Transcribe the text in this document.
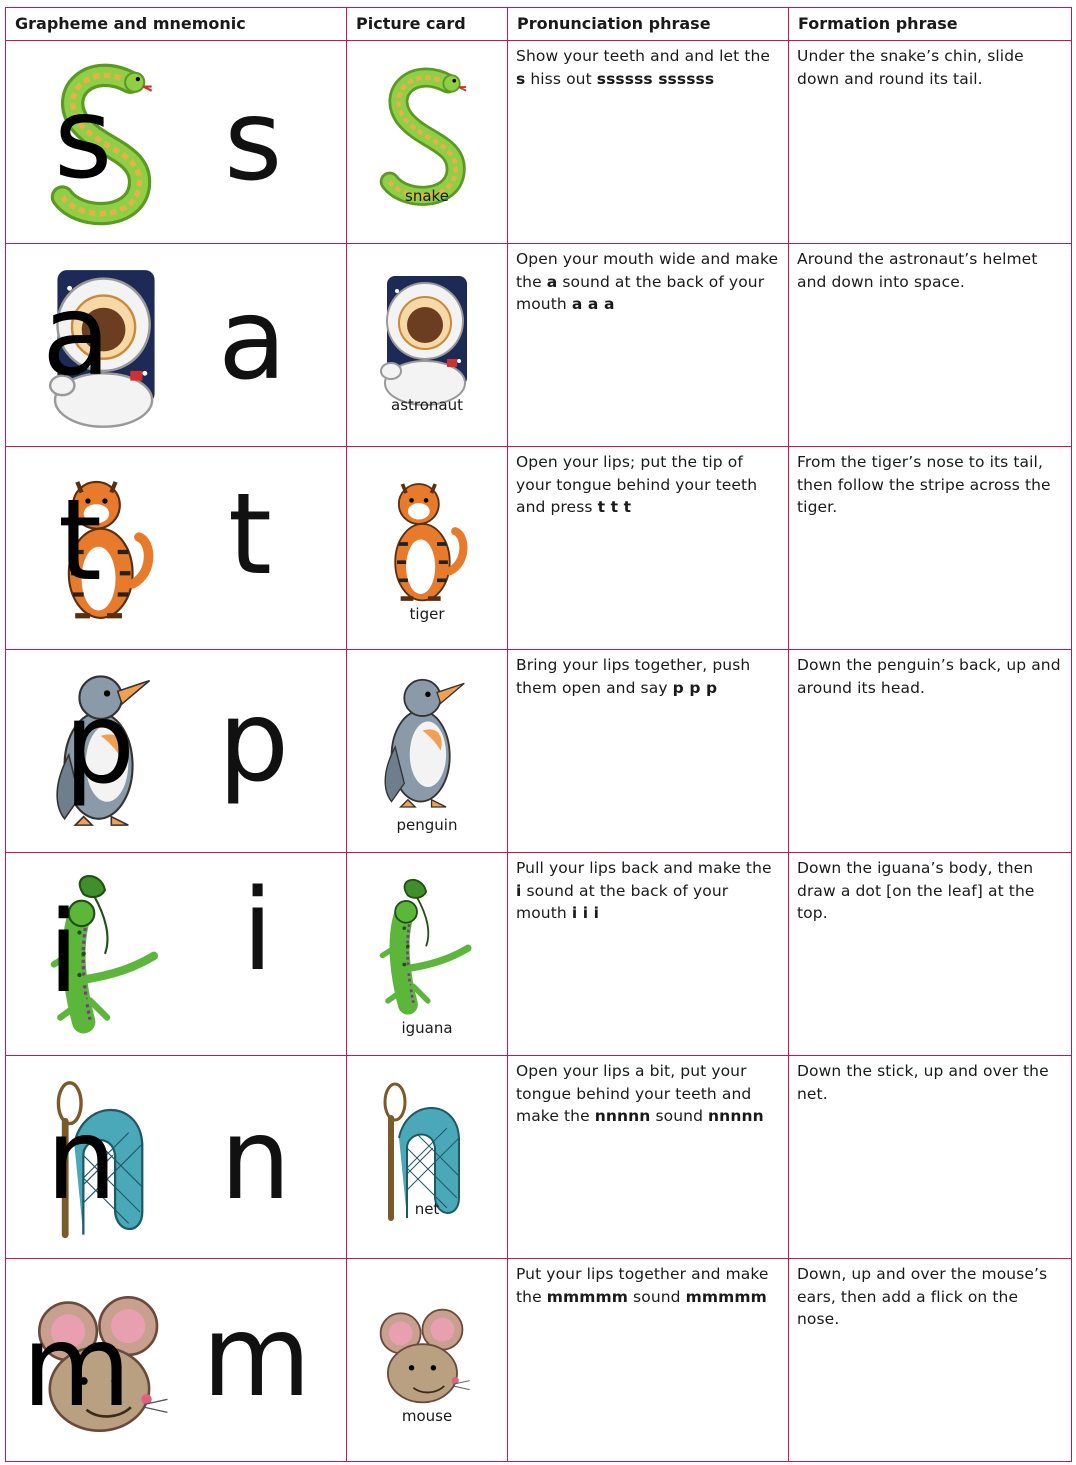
Grapheme and mnemonic	Picture card	Pronunciation phrase	Formation phrase

s s	snake	Show your teeth and and let the s hiss out ssssss ssssss	Under the snake’s chin, slide down and round its tail.

a a	astronaut	Open your mouth wide and make the a sound at the back of your mouth a a a	Around the astronaut’s helmet and down into space.

t t	tiger	Open your lips; put the tip of your tongue behind your teeth and press t t t	From the tiger’s nose to its tail, then follow the stripe across the tiger.

p p	penguin	Bring your lips together, push them open and say p p p	Down the penguin’s back, up and around its head.

i i	iguana	Pull your lips back and make the i sound at the back of your mouth i i i	Down the iguana’s body, then draw a dot [on the leaf] at the top.

n n	net	Open your lips a bit, put your tongue behind your teeth and make the nnnnn sound nnnnn	Down the stick, up and over the net.

m m	mouse	Put your lips together and make the mmmmm sound mmmmm	Down, up and over the mouse’s ears, then add a flick on the nose.
